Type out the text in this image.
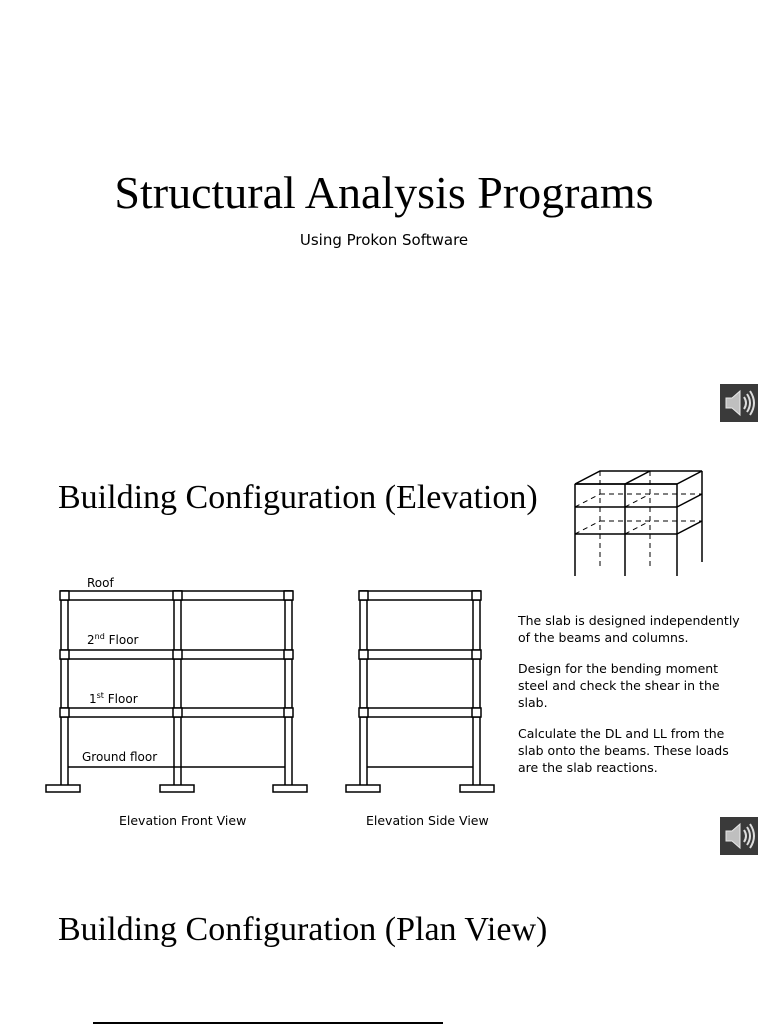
Structural Analysis Programs
Using Prokon Software
Building Configuration (Elevation)
Roof
2nd Floor
1st Floor
Ground floor
Elevation Front View	Elevation Side View

The slab is designed independently of the beams and columns.

Design for the bending moment steel and check the shear in the slab.

Calculate the DL and LL from the slab onto the beams. These loads are the slab reactions.

Building Configuration (Plan View)
